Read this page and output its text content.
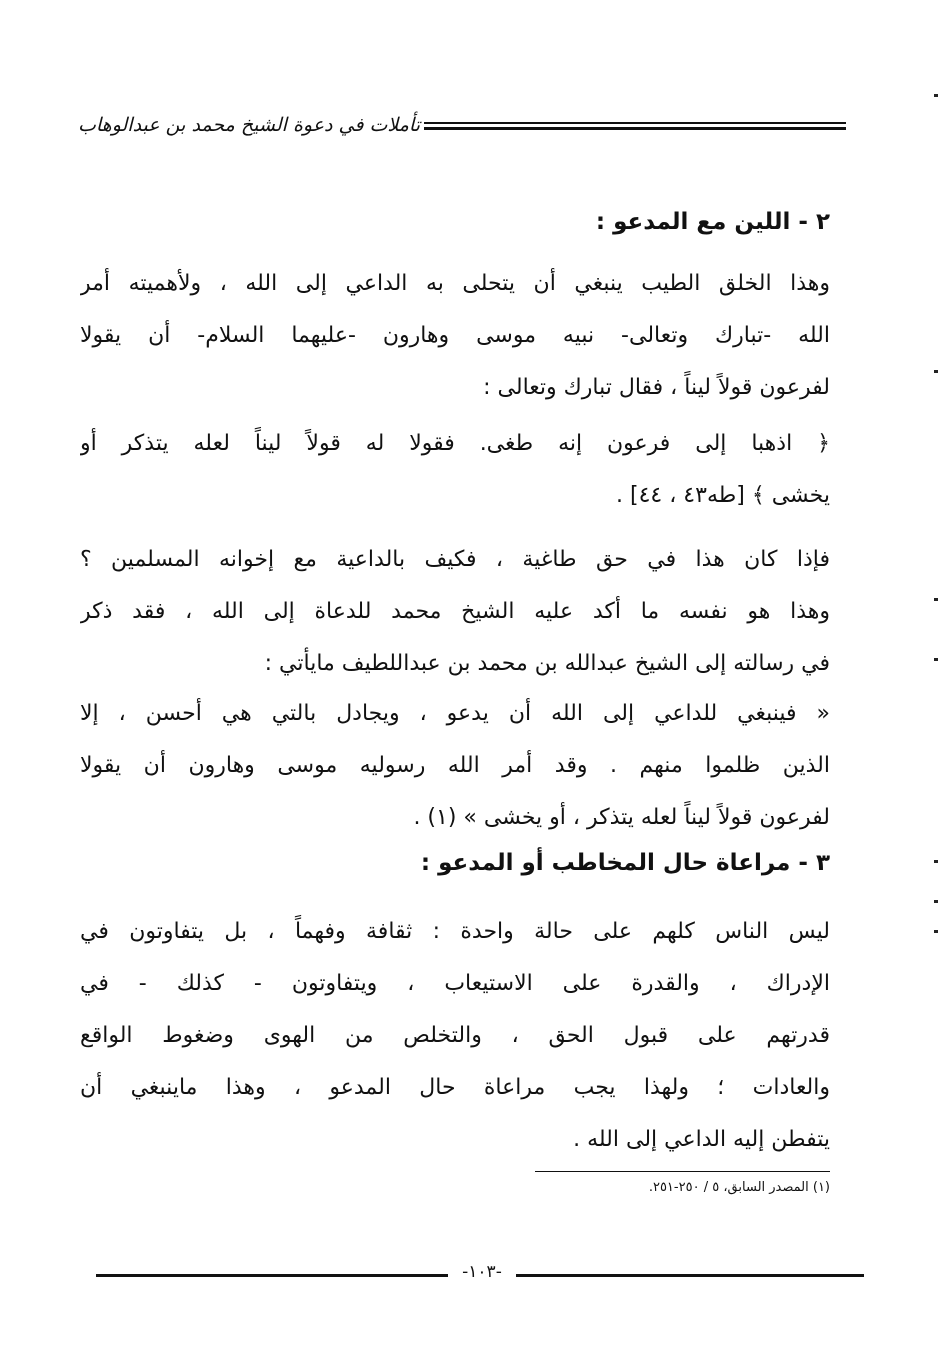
تأملات في دعوة الشيخ محمد بن عبدالوهاب
٢ - اللين مع المدعو :

وهذا الخلق الطيب ينبغي أن يتحلى به الداعي إلى الله ، ولأهميته أمر

الله -تبارك وتعالى- نبيه موسى وهارون -عليهما السلام- أن يقولا

لفرعون قولاً ليناً ، فقال تبارك وتعالى :

﴿ اذهبا إلى فرعون إنه طغى. فقولا له قولاً ليناً لعله يتذكر أو

يخشى ﴾ [طه٤٣ ، ٤٤] .

فإذا كان هذا في حق طاغية ، فكيف بالداعية مع إخوانه المسلمين ؟

وهذا هو نفسه ما أكد عليه الشيخ محمد للدعاة إلى الله ، فقد ذكر

في رسالته إلى الشيخ عبدالله بن محمد بن عبداللطيف مايأتي :

« فينبغي للداعي إلى الله أن يدعو ، ويجادل بالتي هي أحسن ، إلا

الذين ظلموا منهم . وقد أمر الله رسوليه موسى وهارون أن يقولا

لفرعون قولاً ليناً لعله يتذكر ، أو يخشى » (١) .

٣ - مراعاة حال المخاطب أو المدعو :

ليس الناس كلهم على حالة واحدة : ثقافة وفهماً ، بل يتفاوتون في

الإدراك ، والقدرة على الاستيعاب ، ويتفاوتون - كذلك - في

قدرتهم على قبول الحق ، والتخلص من الهوى وضغوط الواقع

والعادات ؛ ولهذا يجب مراعاة حال المدعو ، وهذا ماينبغي أن

يتفطن إليه الداعي إلى الله .

(١) المصدر السابق، ٥ / ٢٥٠-٢٥١.
-١٠٣-
